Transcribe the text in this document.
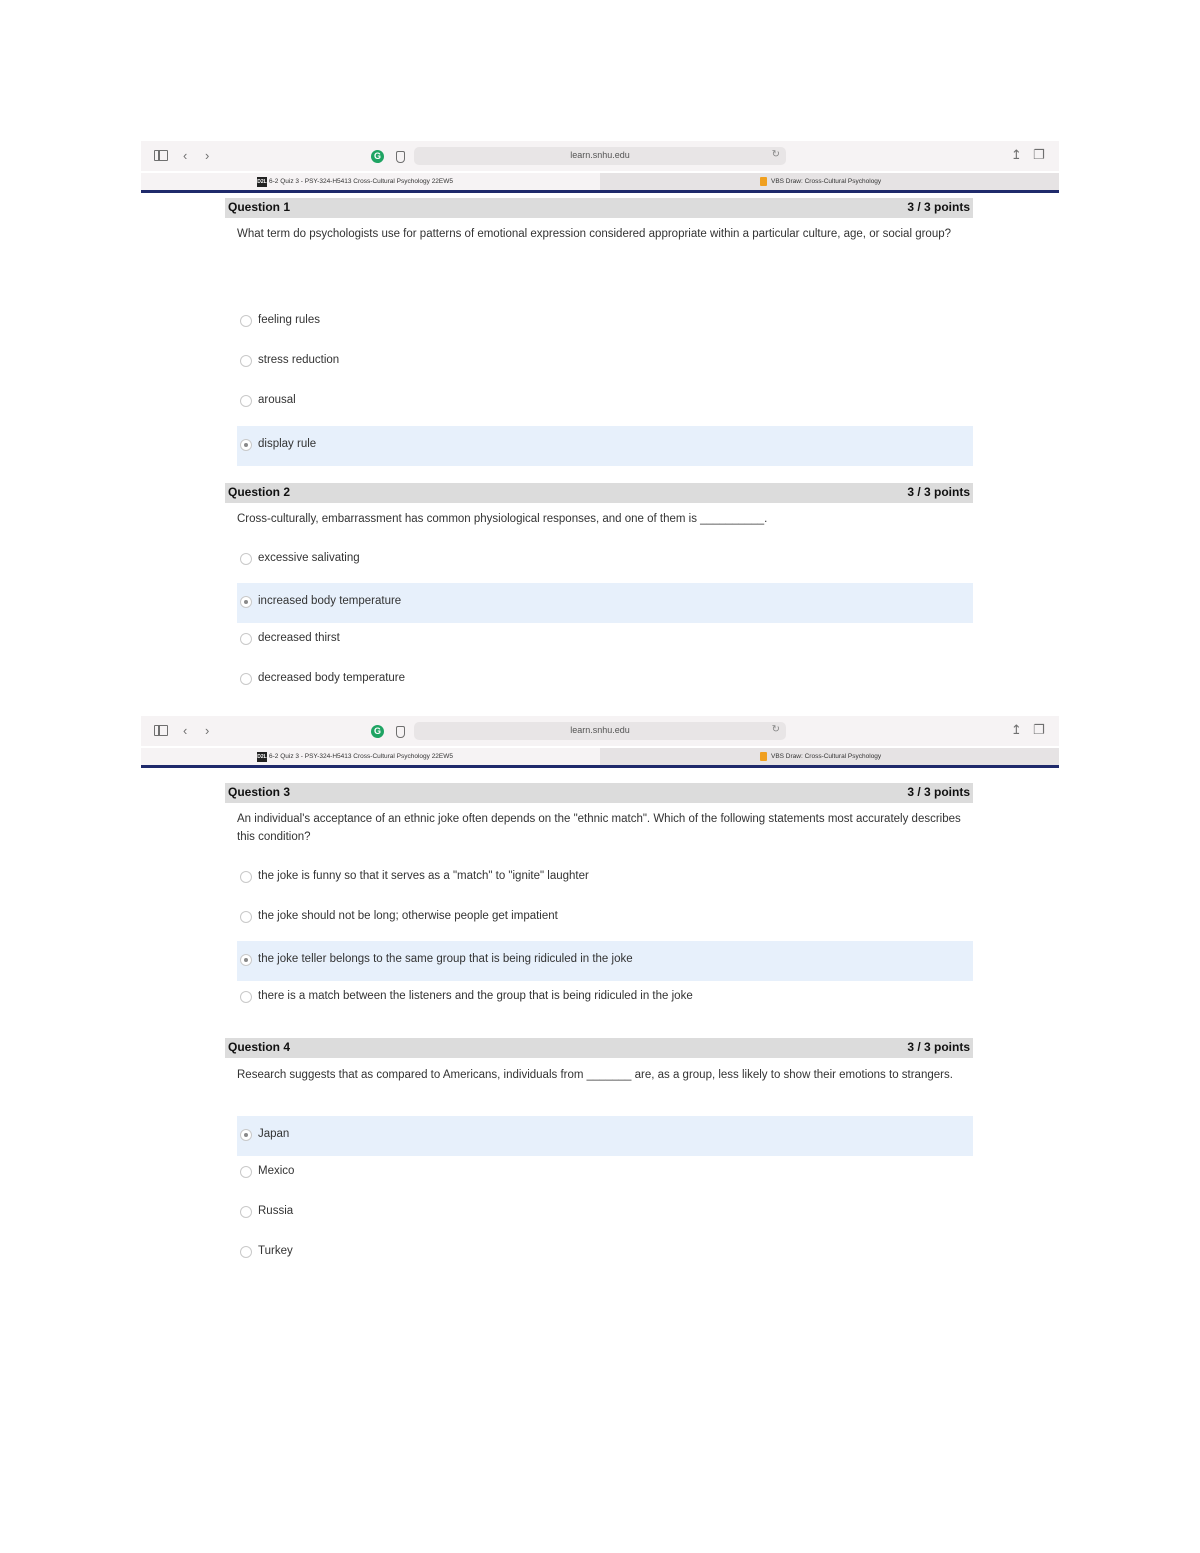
‹ ›	G	learn.snhu.edu	↻	↥ ❐
D2L 6-2 Quiz 3 - PSY-324-H5413 Cross-Cultural Psychology 22EW5	VBS Draw: Cross-Cultural Psychology
Question 1	3 / 3 points
What term do psychologists use for patterns of emotional expression considered appropriate within a particular culture, age, or social group?
feeling rules
stress reduction
arousal
display rule
Question 2	3 / 3 points
Cross-culturally, embarrassment has common physiological responses, and one of them is __________.
excessive salivating
increased body temperature
decreased thirst
decreased body temperature
‹ ›	G	learn.snhu.edu	↻	↥ ❐
D2L 6-2 Quiz 3 - PSY-324-H5413 Cross-Cultural Psychology 22EW5	VBS Draw: Cross-Cultural Psychology
Question 3	3 / 3 points
An individual's acceptance of an ethnic joke often depends on the "ethnic match". Which of the following statements most accurately describes this condition?
the joke is funny so that it serves as a "match" to "ignite" laughter
the joke should not be long; otherwise people get impatient
the joke teller belongs to the same group that is being ridiculed in the joke
there is a match between the listeners and the group that is being ridiculed in the joke
Question 4	3 / 3 points
Research suggests that as compared to Americans, individuals from _______ are, as a group, less likely to show their emotions to strangers.
Japan
Mexico
Russia
Turkey
